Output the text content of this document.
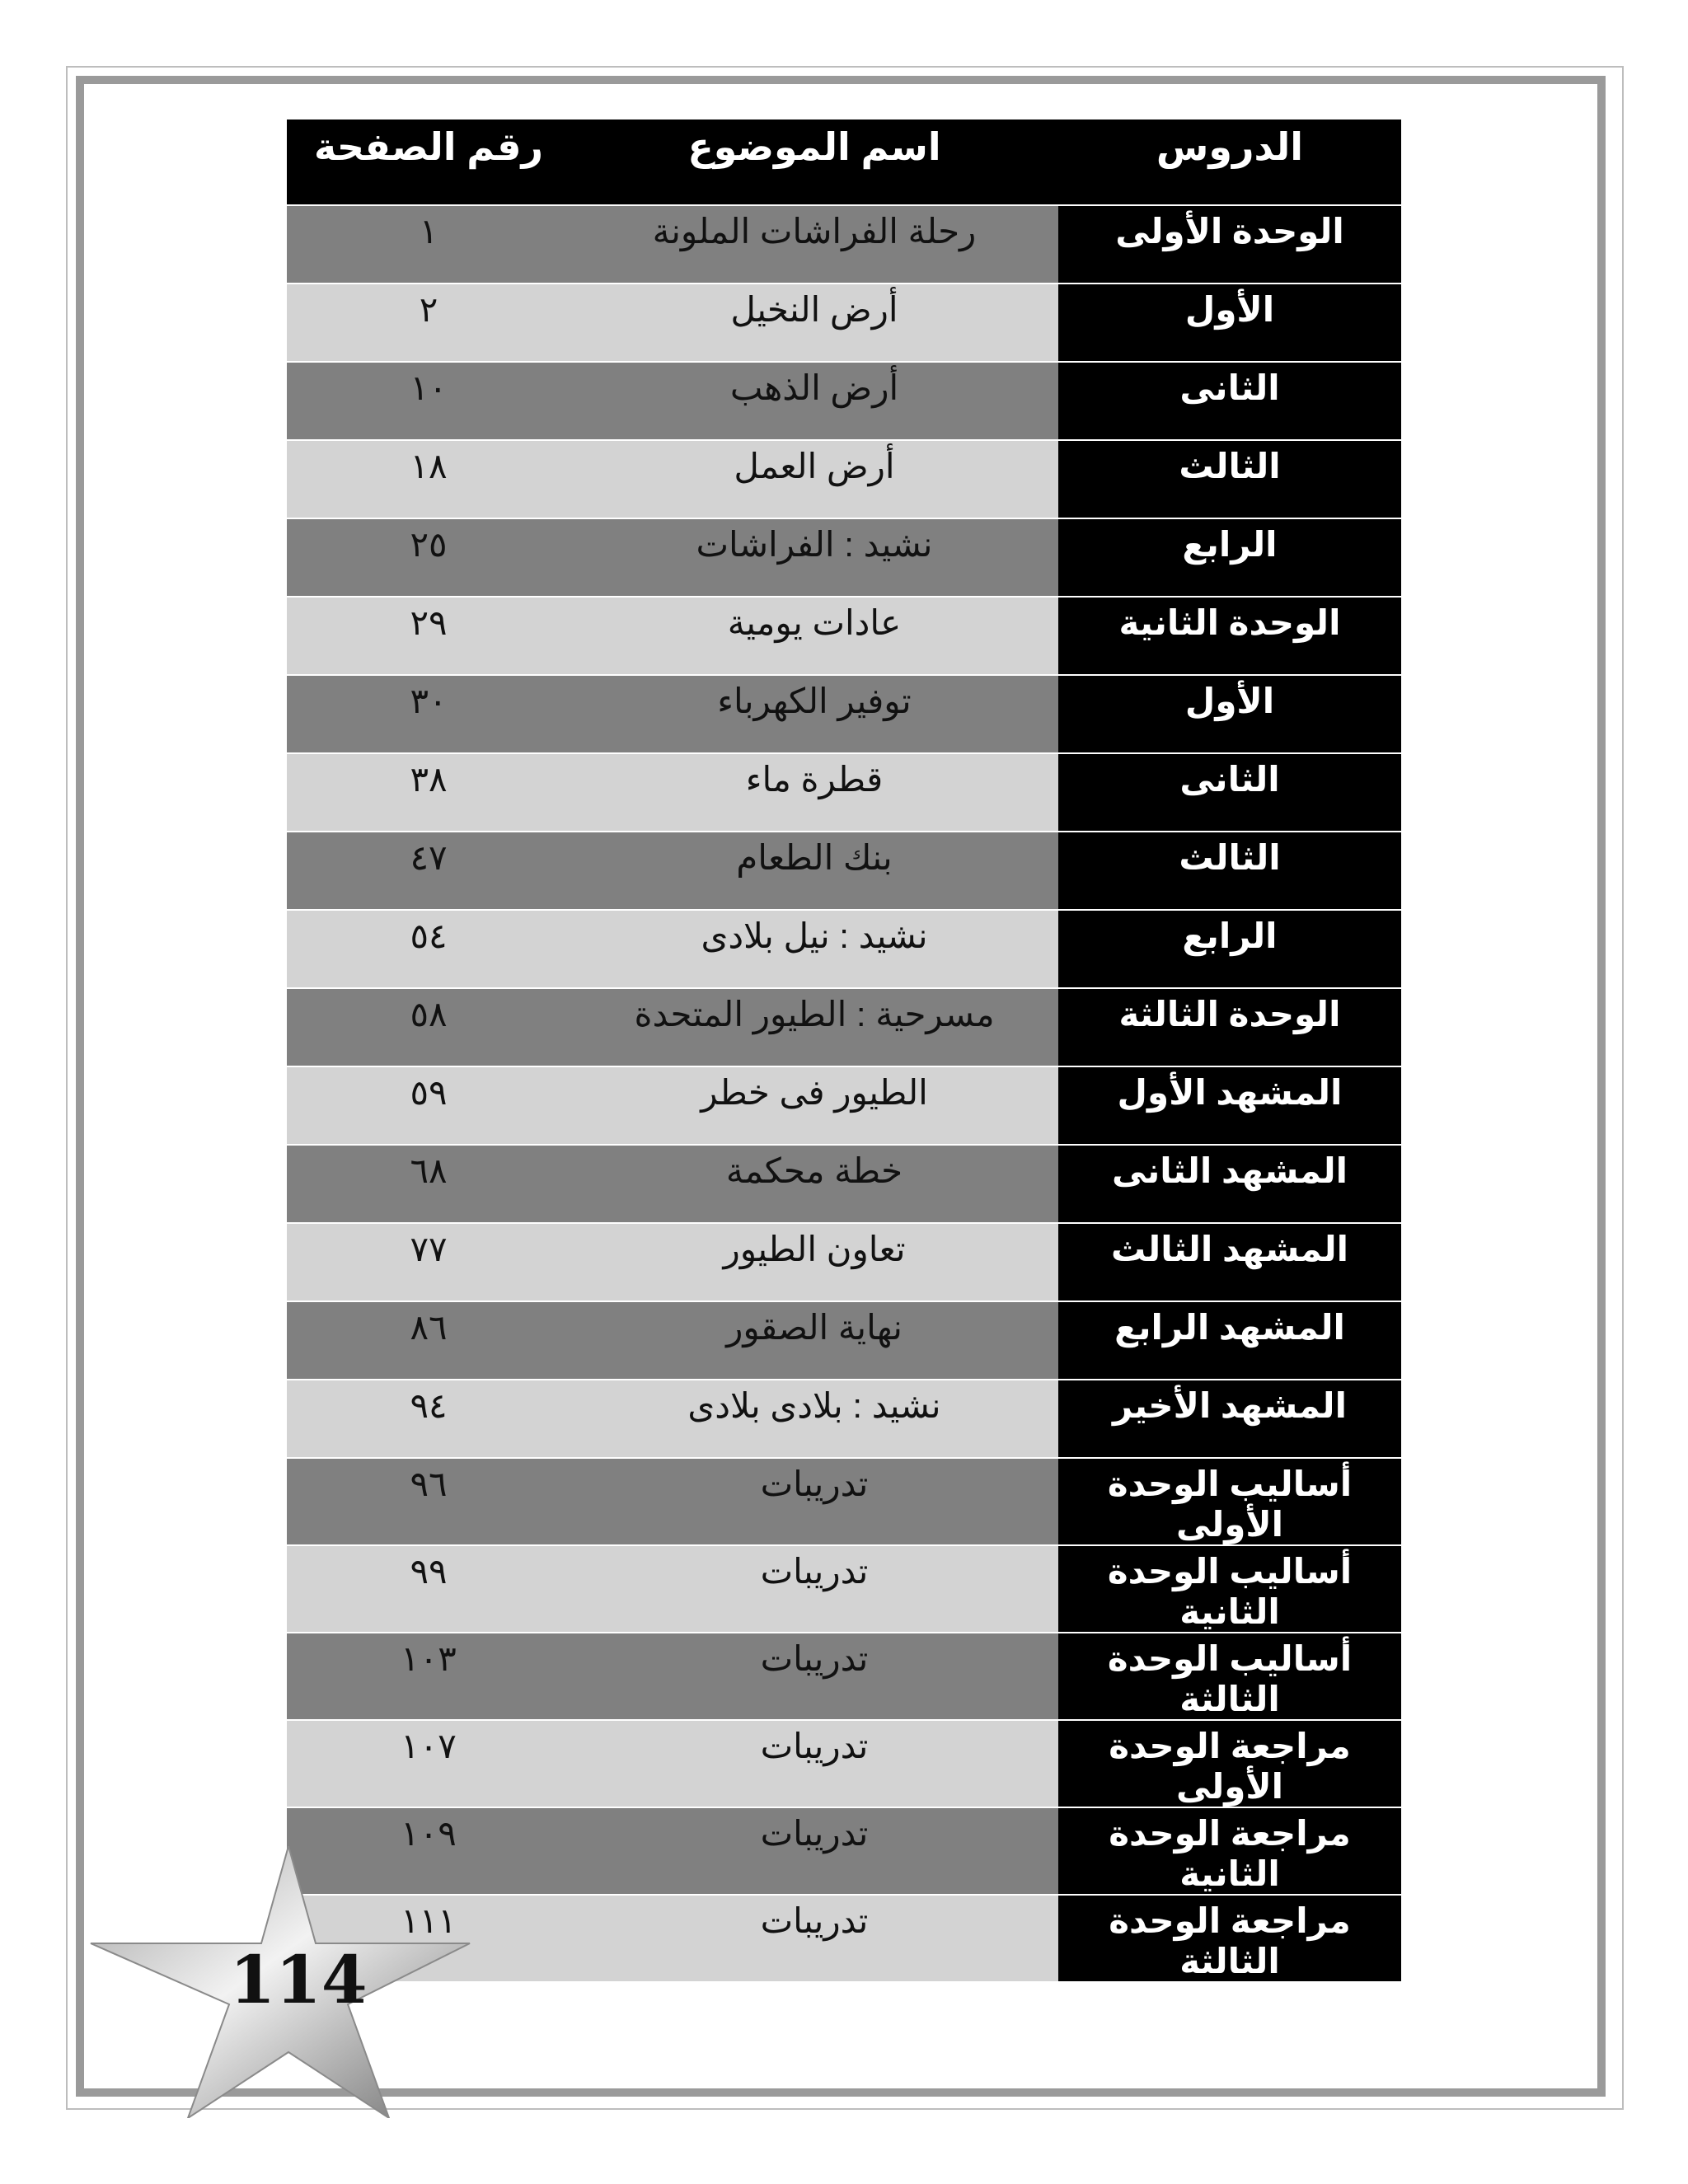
الدروس	اسم الموضوع	رقم الصفحة
الوحدة الأولى	رحلة الفراشات الملونة	١
الأول	أرض النخيل	٢
الثانى	أرض الذهب	١٠
الثالث	أرض العمل	١٨
الرابع	نشيد : الفراشات	٢٥
الوحدة الثانية	عادات يومية	٢٩
الأول	توفير الكهرباء	٣٠
الثانى	قطرة ماء	٣٨
الثالث	بنك الطعام	٤٧
الرابع	نشيد : نيل بلادى	٥٤
الوحدة الثالثة	مسرحية : الطيور المتحدة	٥٨
المشهد الأول	الطيور فى خطر	٥٩
المشهد الثانى	خطة محكمة	٦٨
المشهد الثالث	تعاون الطيور	٧٧
المشهد الرابع	نهاية الصقور	٨٦
المشهد الأخير	نشيد : بلادى بلادى	٩٤
أساليب الوحدة الأولى	تدريبات	٩٦
أساليب الوحدة الثانية	تدريبات	٩٩
أساليب الوحدة الثالثة	تدريبات	١٠٣
مراجعة الوحدة الأولى	تدريبات	١٠٧
مراجعة الوحدة الثانية	تدريبات	١٠٩
مراجعة الوحدة الثالثة	تدريبات	١١١
114
